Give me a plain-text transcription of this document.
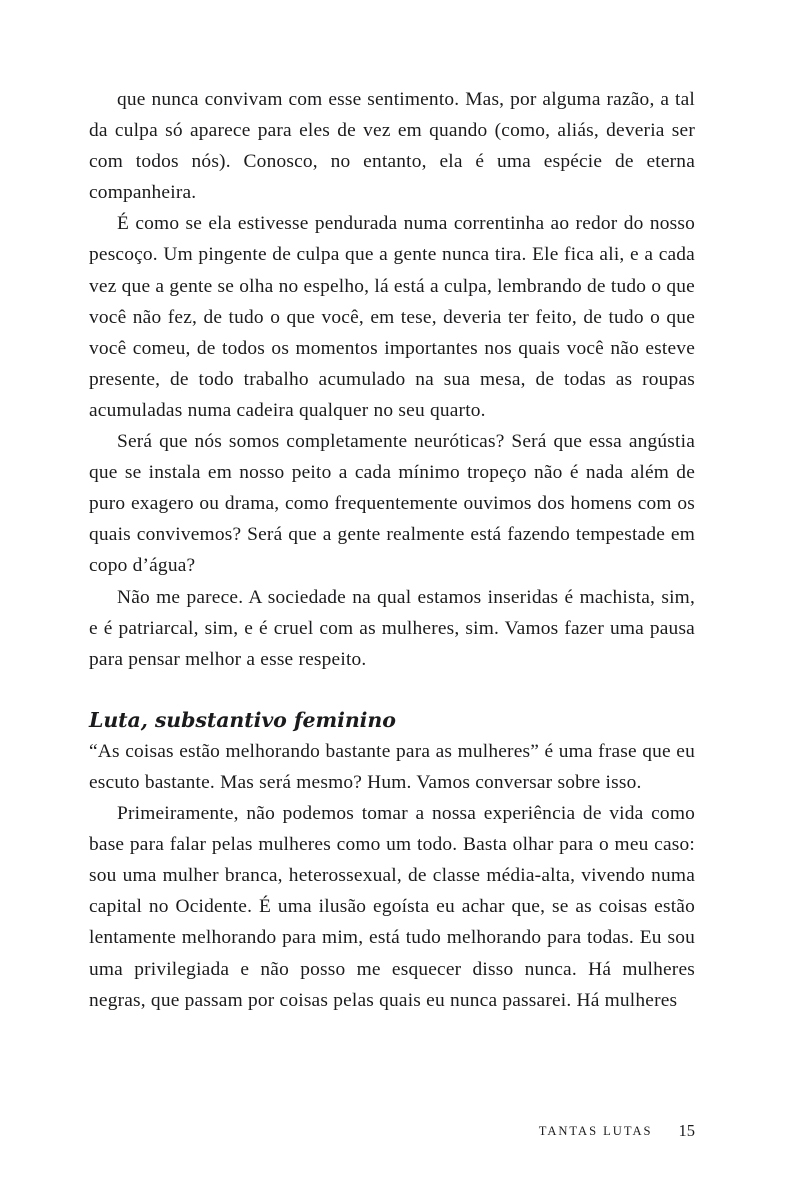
que nunca convivam com esse sentimento. Mas, por alguma razão, a tal da culpa só aparece para eles de vez em quando (como, aliás, deveria ser com todos nós). Conosco, no entanto, ela é uma espécie de eterna companheira.

É como se ela estivesse pendurada numa correntinha ao redor do nosso pescoço. Um pingente de culpa que a gente nunca tira. Ele fica ali, e a cada vez que a gente se olha no espelho, lá está a culpa, lembrando de tudo o que você não fez, de tudo o que você, em tese, deveria ter feito, de tudo o que você comeu, de todos os momentos importantes nos quais você não esteve presente, de todo trabalho acumulado na sua mesa, de todas as roupas acumuladas numa cadeira qualquer no seu quarto.

Será que nós somos completamente neuróticas? Será que essa angústia que se instala em nosso peito a cada mínimo tropeço não é nada além de puro exagero ou drama, como frequentemente ouvimos dos homens com os quais convivemos? Será que a gente realmente está fazendo tempestade em copo d’água?

Não me parece. A sociedade na qual estamos inseridas é machista, sim, e é patriarcal, sim, e é cruel com as mulheres, sim. Vamos fazer uma pausa para pensar melhor a esse respeito.

Luta, substantivo feminino

“As coisas estão melhorando bastante para as mulheres” é uma frase que eu escuto bastante. Mas será mesmo? Hum. Vamos conversar sobre isso.

Primeiramente, não podemos tomar a nossa experiência de vida como base para falar pelas mulheres como um todo. Basta olhar para o meu caso: sou uma mulher branca, heterossexual, de classe média-alta, vivendo numa capital no Ocidente. É uma ilusão egoísta eu achar que, se as coisas estão lentamente melhorando para mim, está tudo melhorando para todas. Eu sou uma privilegiada e não posso me esquecer disso nunca. Há mulheres negras, que passam por coisas pelas quais eu nunca passarei. Há mulheres

TANTAS LUTAS 15
